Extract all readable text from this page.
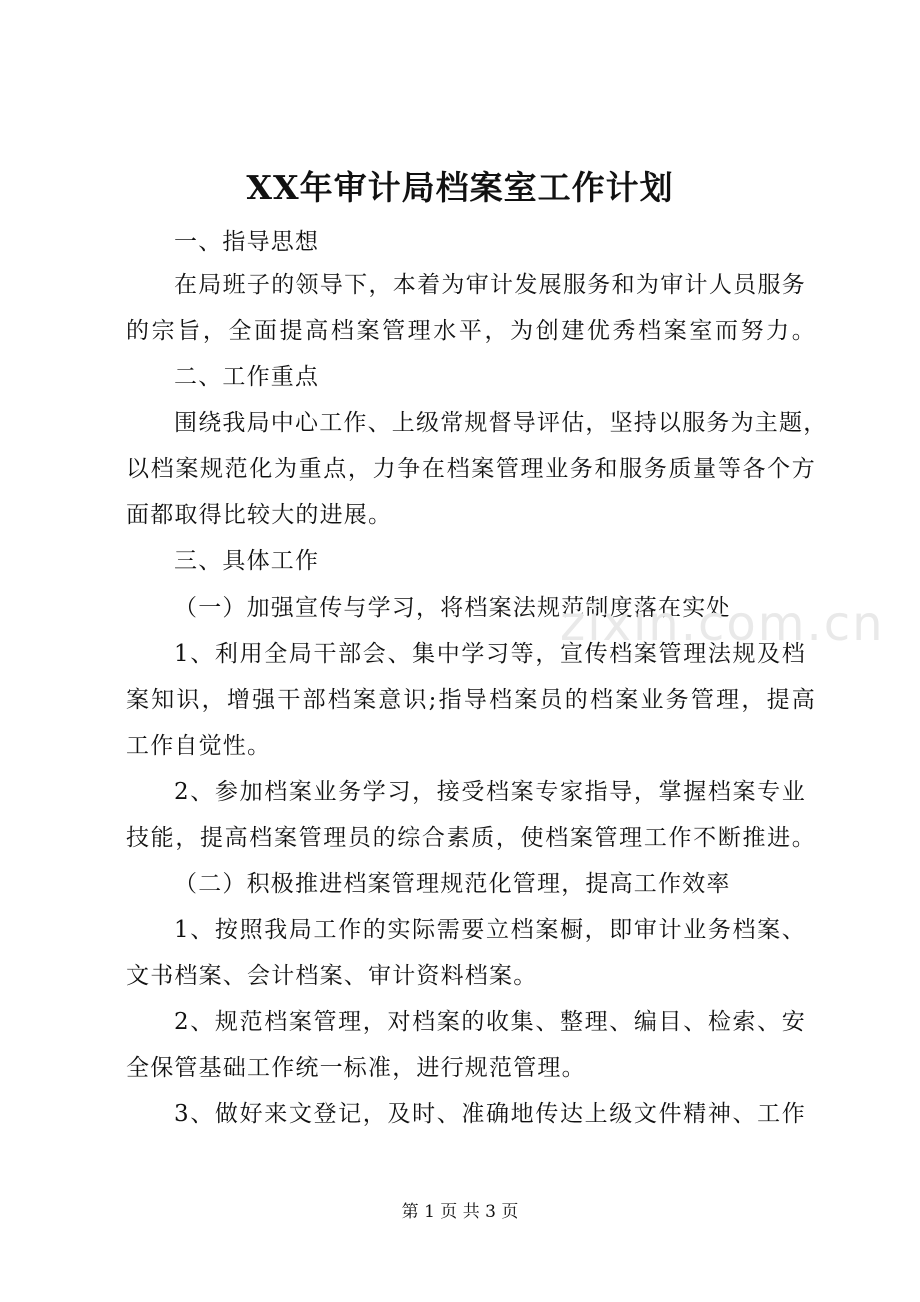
XX年审计局档案室工作计划
一、指导思想
在局班子的领导下，本着为审计发展服务和为审计人员服务
的宗旨，全面提高档案管理水平，为创建优秀档案室而努力。
二、工作重点
围绕我局中心工作、上级常规督导评估，坚持以服务为主题，
以档案规范化为重点，力争在档案管理业务和服务质量等各个方
面都取得比较大的进展。
三、具体工作
（一）加强宣传与学习，将档案法规范制度落在实处
1、利用全局干部会、集中学习等，宣传档案管理法规及档
案知识，增强干部档案意识;指导档案员的档案业务管理，提高
工作自觉性。
2、参加档案业务学习，接受档案专家指导，掌握档案专业
技能，提高档案管理员的综合素质，使档案管理工作不断推进。
（二）积极推进档案管理规范化管理，提高工作效率
1、按照我局工作的实际需要立档案橱，即审计业务档案、
文书档案、会计档案、审计资料档案。
2、规范档案管理，对档案的收集、整理、编目、检索、安
全保管基础工作统一标准，进行规范管理。
3、做好来文登记，及时、准确地传达上级文件精神、工作
zixin.com.cn
第 1 页 共 3 页
